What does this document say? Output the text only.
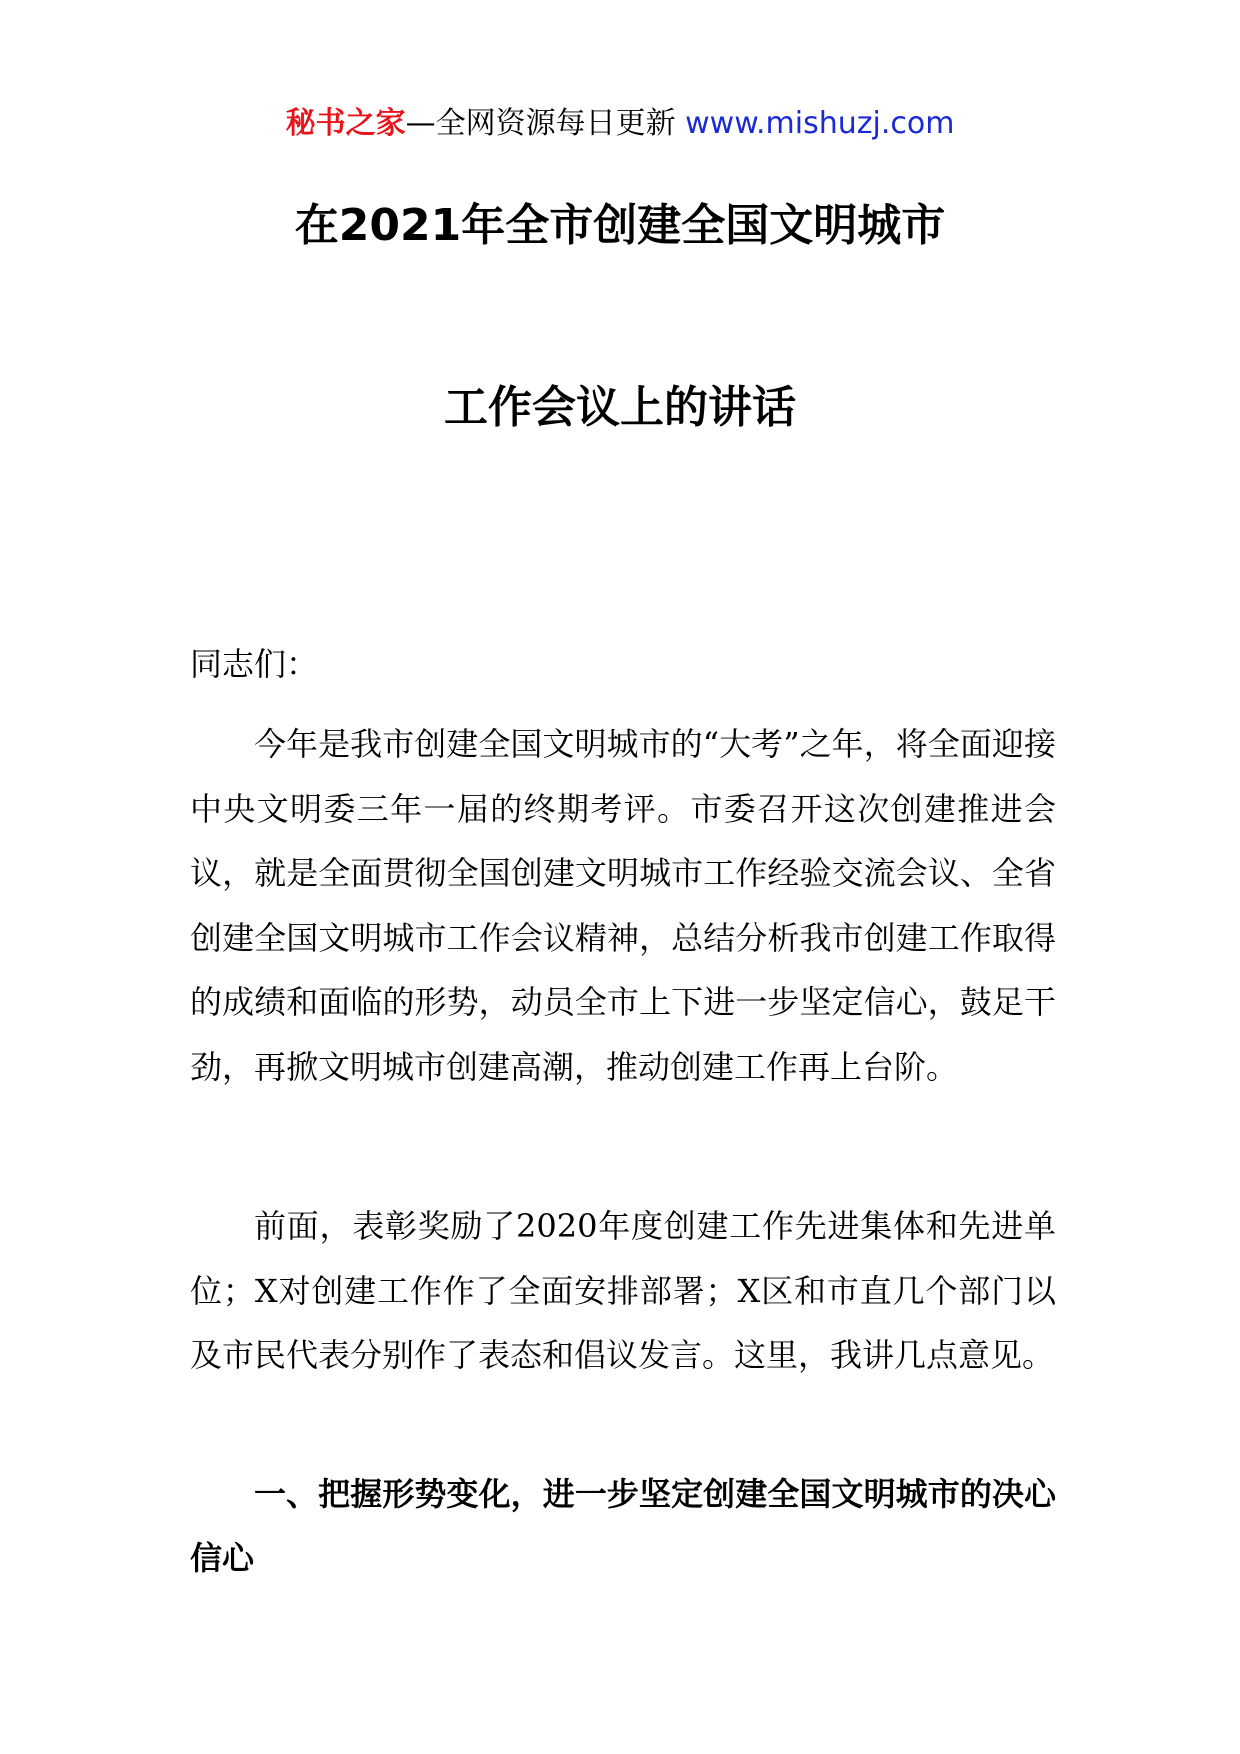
秘书之家—全网资源每日更新 www.mishuzj.com
在2021年全市创建全国文明城市
工作会议上的讲话
同志们：

今年是我市创建全国文明城市的“大考”之年，将全面迎接中央文明委三年一届的终期考评。市委召开这次创建推进会议，就是全面贯彻全国创建文明城市工作经验交流会议、全省创建全国文明城市工作会议精神，总结分析我市创建工作取得的成绩和面临的形势，动员全市上下进一步坚定信心，鼓足干劲，再掀文明城市创建高潮，推动创建工作再上台阶。

前面，表彰奖励了2020年度创建工作先进集体和先进单位；X对创建工作作了全面安排部署；X区和市直几个部门以及市民代表分别作了表态和倡议发言。这里，我讲几点意见。

一、把握形势变化，进一步坚定创建全国文明城市的决心信心
